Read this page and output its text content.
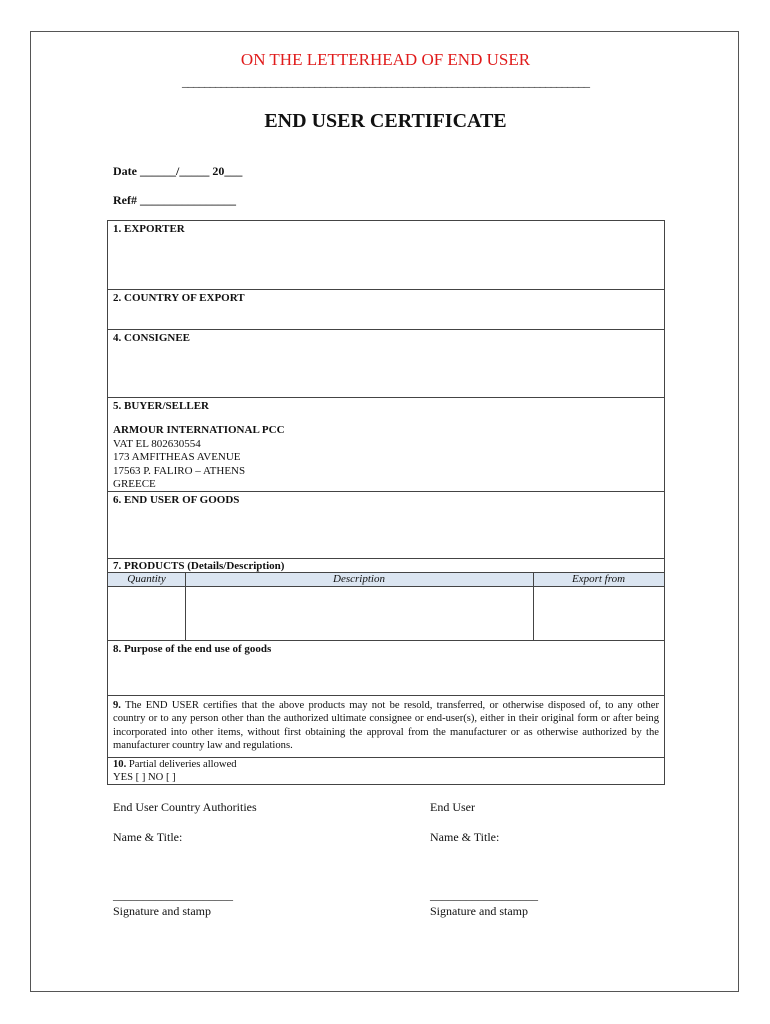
ON THE LETTERHEAD OF END USER
__________________________________________________________________________
END USER CERTIFICATE
Date ______/_____ 20___
Ref# ________________
1. EXPORTER
2. COUNTRY OF EXPORT
4. CONSIGNEE
5. BUYER/SELLER
ARMOUR INTERNATIONAL PCC
VAT EL 802630554
173 AMFITHEAS AVENUE
17563 P. FALIRO – ATHENS
GREECE
6. END USER OF GOODS
7. PRODUCTS (Details/Description)
Quantity	Description	Export from
8. Purpose of the end use of goods
9. The END USER certifies that the above products may not be resold, transferred, or otherwise disposed of, to any other country or to any person other than the authorized ultimate consignee or end-user(s), either in their original form or after being incorporated into other items, without first obtaining the approval from the manufacturer or as otherwise authorized by the manufacturer country law and regulations.
10. Partial deliveries allowed
YES [ ] NO [ ]
End User Country Authorities
Name & Title:
____________________
Signature and stamp
End User
Name & Title:
__________________
Signature and stamp
